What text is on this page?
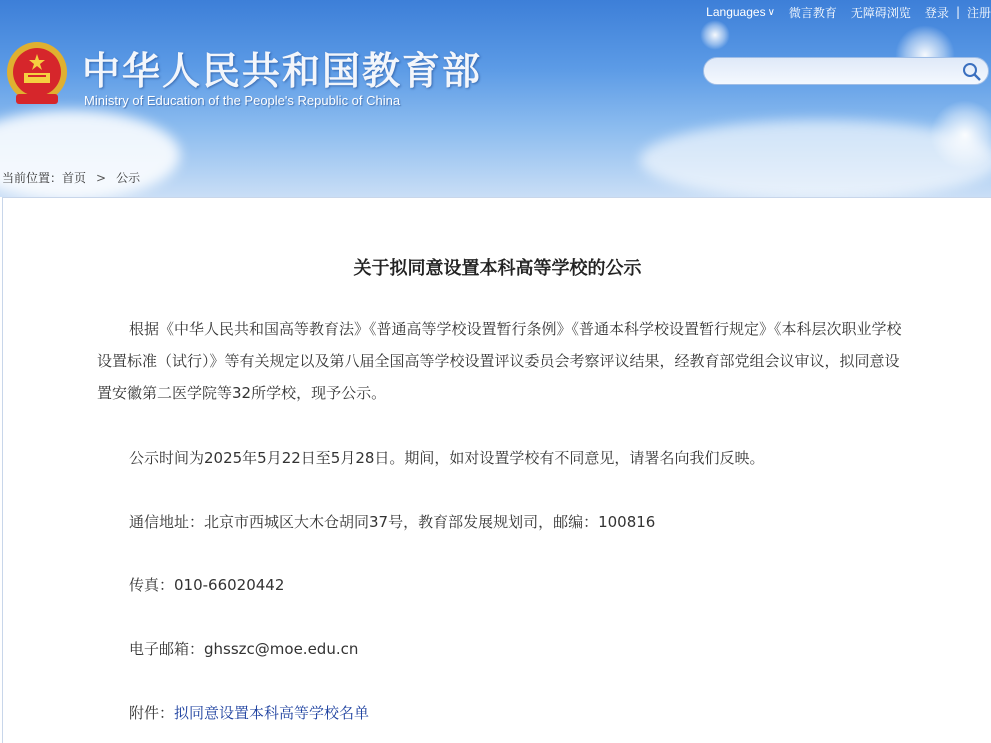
Languages ∨ 微言教育 无障碍浏览 登录 | 注册
中华人民共和国教育部
Ministry of Education of the People's Republic of China
当前位置：首页 > 公示
关于拟同意设置本科高等学校的公示

根据《中华人民共和国高等教育法》《普通高等学校设置暂行条例》《普通本科学校设置暂行规定》《本科层次职业学校设置标准（试行）》等有关规定以及第八届全国高等学校设置评议委员会考察评议结果，经教育部党组会议审议，拟同意设置安徽第二医学院等32所学校，现予公示。

公示时间为2025年5月22日至5月28日。期间，如对设置学校有不同意见，请署名向我们反映。

通信地址：北京市西城区大木仓胡同37号，教育部发展规划司，邮编：100816

传真：010-66020442

电子邮箱：ghsszc@moe.edu.cn

附件：拟同意设置本科高等学校名单
